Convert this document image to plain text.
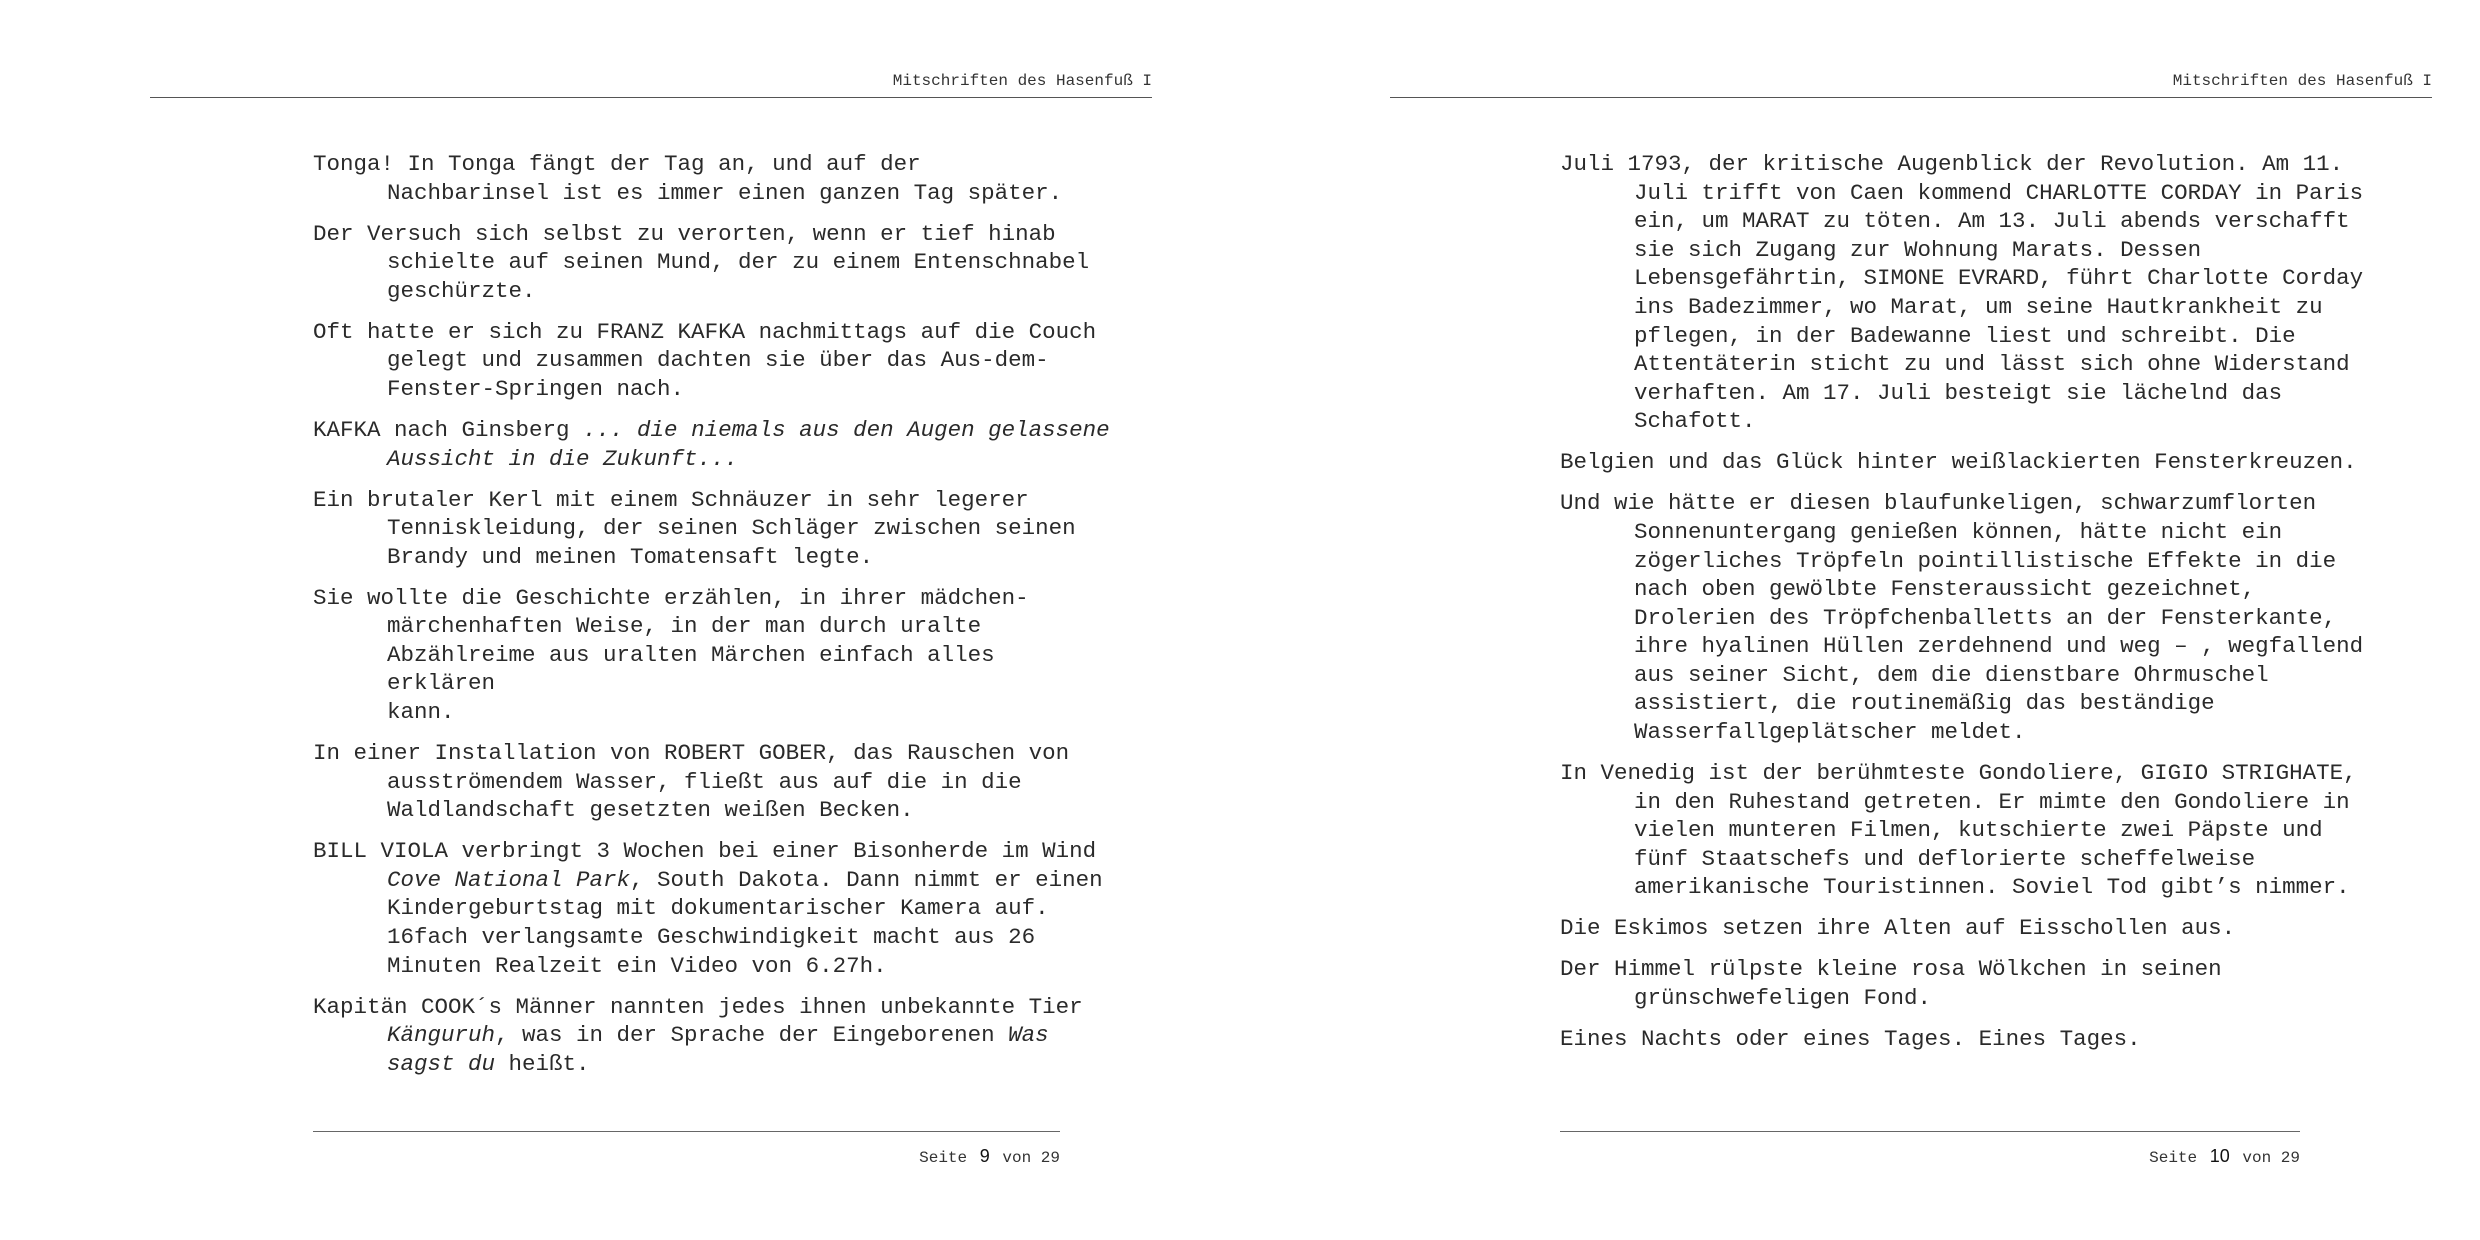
Mitschriften des Hasenfuß I

Tonga! In Tonga fängt der Tag an, und auf der
Nachbarinsel ist es immer einen ganzen Tag später.

Der Versuch sich selbst zu verorten, wenn er tief hinab
schielte auf seinen Mund, der zu einem Entenschnabel
geschürzte.

Oft hatte er sich zu FRANZ KAFKA nachmittags auf die Couch
gelegt und zusammen dachten sie über das Aus-dem-
Fenster-Springen nach.

KAFKA nach Ginsberg ... die niemals aus den Augen gelassene
Aussicht in die Zukunft...

Ein brutaler Kerl mit einem Schnäuzer in sehr legerer
Tenniskleidung, der seinen Schläger zwischen seinen
Brandy und meinen Tomatensaft legte.

Sie wollte die Geschichte erzählen, in ihrer mädchen-
märchenhaften Weise, in der man durch uralte
Abzählreime aus uralten Märchen einfach alles erklären
kann.

In einer Installation von ROBERT GOBER, das Rauschen von
ausströmendem Wasser, fließt aus auf die in die
Waldlandschaft gesetzten weißen Becken.

BILL VIOLA verbringt 3 Wochen bei einer Bisonherde im Wind
Cove National Park, South Dakota. Dann nimmt er einen
Kindergeburtstag mit dokumentarischer Kamera auf.
16fach verlangsamte Geschwindigkeit macht aus 26
Minuten Realzeit ein Video von 6.27h.

Kapitän COOK´s Männer nannten jedes ihnen unbekannte Tier
Känguruh, was in der Sprache der Eingeborenen Was
sagst du heißt.

Seite 9 von 29
Mitschriften des Hasenfuß I

Juli 1793, der kritische Augenblick der Revolution. Am 11.
Juli trifft von Caen kommend CHARLOTTE CORDAY in Paris
ein, um MARAT zu töten. Am 13. Juli abends verschafft
sie sich Zugang zur Wohnung Marats. Dessen
Lebensgefährtin, SIMONE EVRARD, führt Charlotte Corday
ins Badezimmer, wo Marat, um seine Hautkrankheit zu
pflegen, in der Badewanne liest und schreibt. Die
Attentäterin sticht zu und lässt sich ohne Widerstand
verhaften. Am 17. Juli besteigt sie lächelnd das
Schafott.

Belgien und das Glück hinter weißlackierten Fensterkreuzen.

Und wie hätte er diesen blaufunkeligen, schwarzumflorten
Sonnenuntergang genießen können, hätte nicht ein
zögerliches Tröpfeln pointillistische Effekte in die
nach oben gewölbte Fensteraussicht gezeichnet,
Drolerien des Tröpfchenballetts an der Fensterkante,
ihre hyalinen Hüllen zerdehnend und weg – , wegfallend
aus seiner Sicht, dem die dienstbare Ohrmuschel
assistiert, die routinemäßig das beständige
Wasserfallgeplätscher meldet.

In Venedig ist der berühmteste Gondoliere, GIGIO STRIGHATE,
in den Ruhestand getreten. Er mimte den Gondoliere in
vielen munteren Filmen, kutschierte zwei Päpste und
fünf Staatschefs und deflorierte scheffelweise
amerikanische Touristinnen. Soviel Tod gibt’s nimmer.

Die Eskimos setzen ihre Alten auf Eisschollen aus.

Der Himmel rülpste kleine rosa Wölkchen in seinen
grünschwefeligen Fond.

Eines Nachts oder eines Tages. Eines Tages.

Seite 10 von 29
